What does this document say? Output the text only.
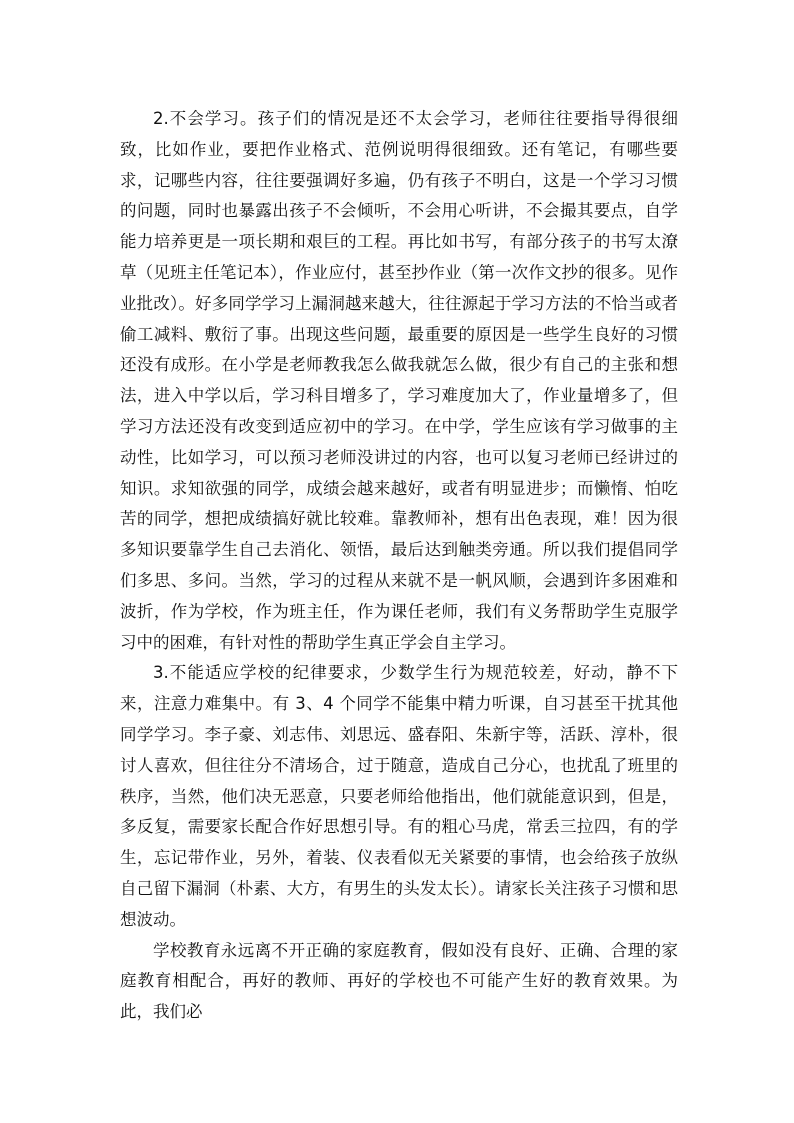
2.不会学习。孩子们的情况是还不太会学习，老师往往要指导得很细致，比如作业，要把作业格式、范例说明得很细致。还有笔记，有哪些要求，记哪些内容，往往要强调好多遍，仍有孩子不明白，这是一个学习习惯的问题，同时也暴露出孩子不会倾听，不会用心听讲，不会撮其要点，自学能力培养更是一项长期和艰巨的工程。再比如书写，有部分孩子的书写太潦草（见班主任笔记本），作业应付，甚至抄作业（第一次作文抄的很多。见作业批改）。好多同学学习上漏洞越来越大，往往源起于学习方法的不恰当或者偷工减料、敷衍了事。出现这些问题，最重要的原因是一些学生良好的习惯还没有成形。在小学是老师教我怎么做我就怎么做，很少有自己的主张和想法，进入中学以后，学习科目增多了，学习难度加大了，作业量增多了，但学习方法还没有改变到适应初中的学习。在中学，学生应该有学习做事的主动性，比如学习，可以预习老师没讲过的内容，也可以复习老师已经讲过的知识。求知欲强的同学，成绩会越来越好，或者有明显进步；而懒惰、怕吃苦的同学，想把成绩搞好就比较难。靠教师补，想有出色表现，难！因为很多知识要靠学生自己去消化、领悟，最后达到触类旁通。所以我们提倡同学们多思、多问。当然，学习的过程从来就不是一帆风顺，会遇到许多困难和波折，作为学校，作为班主任，作为课任老师，我们有义务帮助学生克服学习中的困难，有针对性的帮助学生真正学会自主学习。

3.不能适应学校的纪律要求，少数学生行为规范较差，好动，静不下来，注意力难集中。有 3、4 个同学不能集中精力听课，自习甚至干扰其他同学学习。李子豪、刘志伟、刘思远、盛春阳、朱新宇等，活跃、淳朴，很讨人喜欢，但往往分不清场合，过于随意，造成自己分心，也扰乱了班里的秩序，当然，他们决无恶意，只要老师给他指出，他们就能意识到，但是，多反复，需要家长配合作好思想引导。有的粗心马虎，常丢三拉四，有的学生，忘记带作业，另外，着装、仪表看似无关紧要的事情，也会给孩子放纵自己留下漏洞（朴素、大方，有男生的头发太长）。请家长关注孩子习惯和思想波动。

学校教育永远离不开正确的家庭教育，假如没有良好、正确、合理的家庭教育相配合，再好的教师、再好的学校也不可能产生好的教育效果。为此，我们必
